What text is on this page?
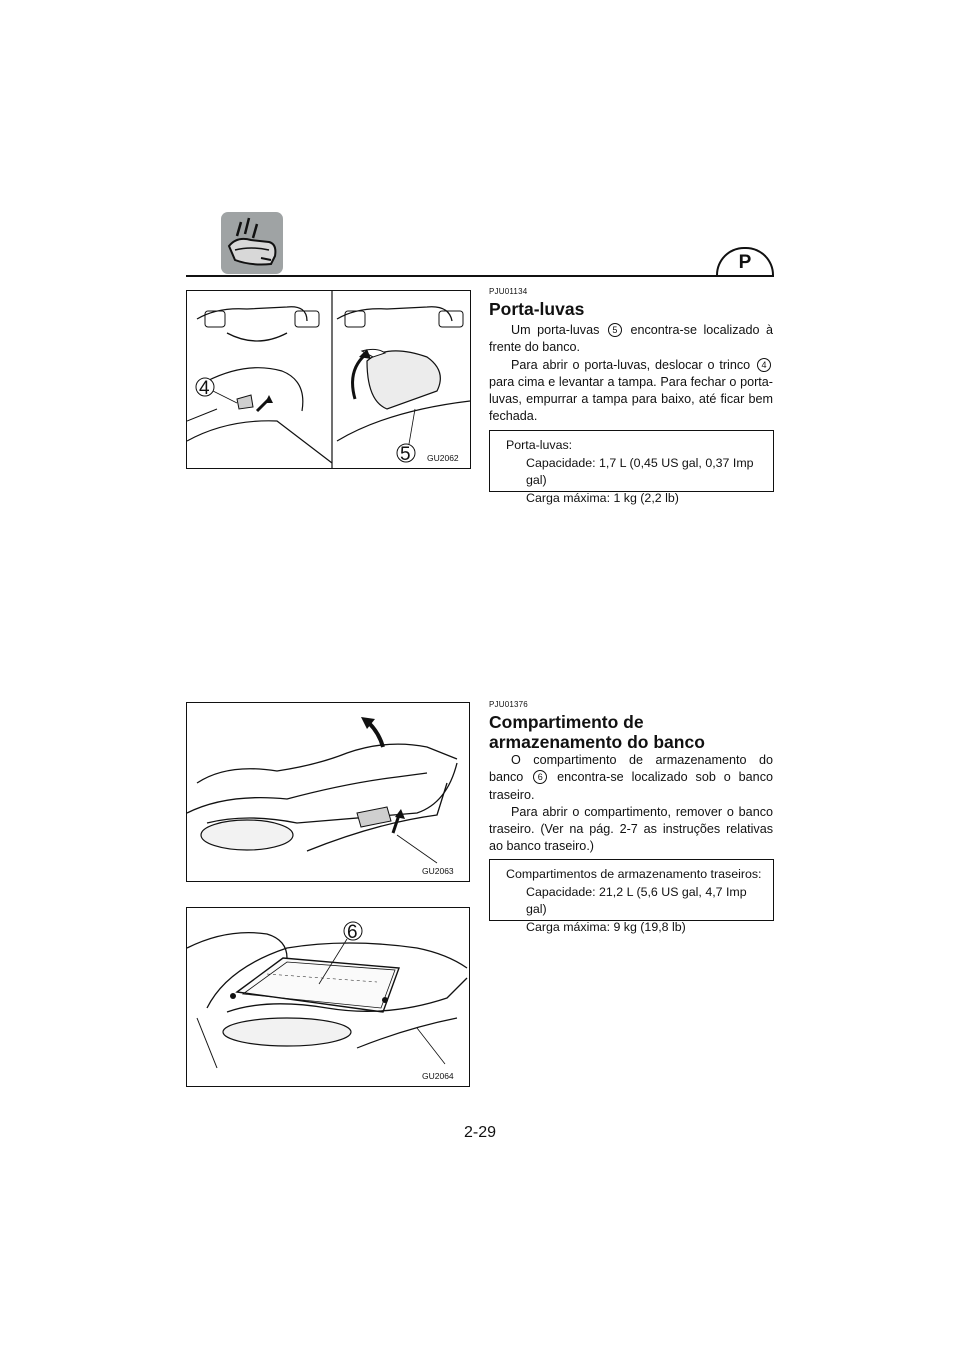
P
4
5 GU2062
PJU01134
Porta-luvas
Um porta-luvas 5 encontra-se localizado à frente do banco.
Para abrir o porta-luvas, deslocar o trinco 4 para cima e levantar a tampa. Para fechar o porta-luvas, empurrar a tampa para baixo, até ficar bem fechada.
Porta-luvas:
Capacidade: 1,7 L (0,45 US gal, 0,37 Imp gal)
Carga máxima: 1 kg (2,2 lb)
GU2063
PJU01376
Compartimento de armazenamento do banco
O compartimento de armazenamento do banco 6 encontra-se localizado sob o banco traseiro.
Para abrir o compartimento, remover o banco traseiro. (Ver na pág. 2-7 as instruções relativas ao banco traseiro.)
Compartimentos de armazenamento traseiros:
Capacidade: 21,2 L (5,6 US gal, 4,7 Imp gal)
Carga máxima: 9 kg (19,8 lb)
6
GU2064
2-29
